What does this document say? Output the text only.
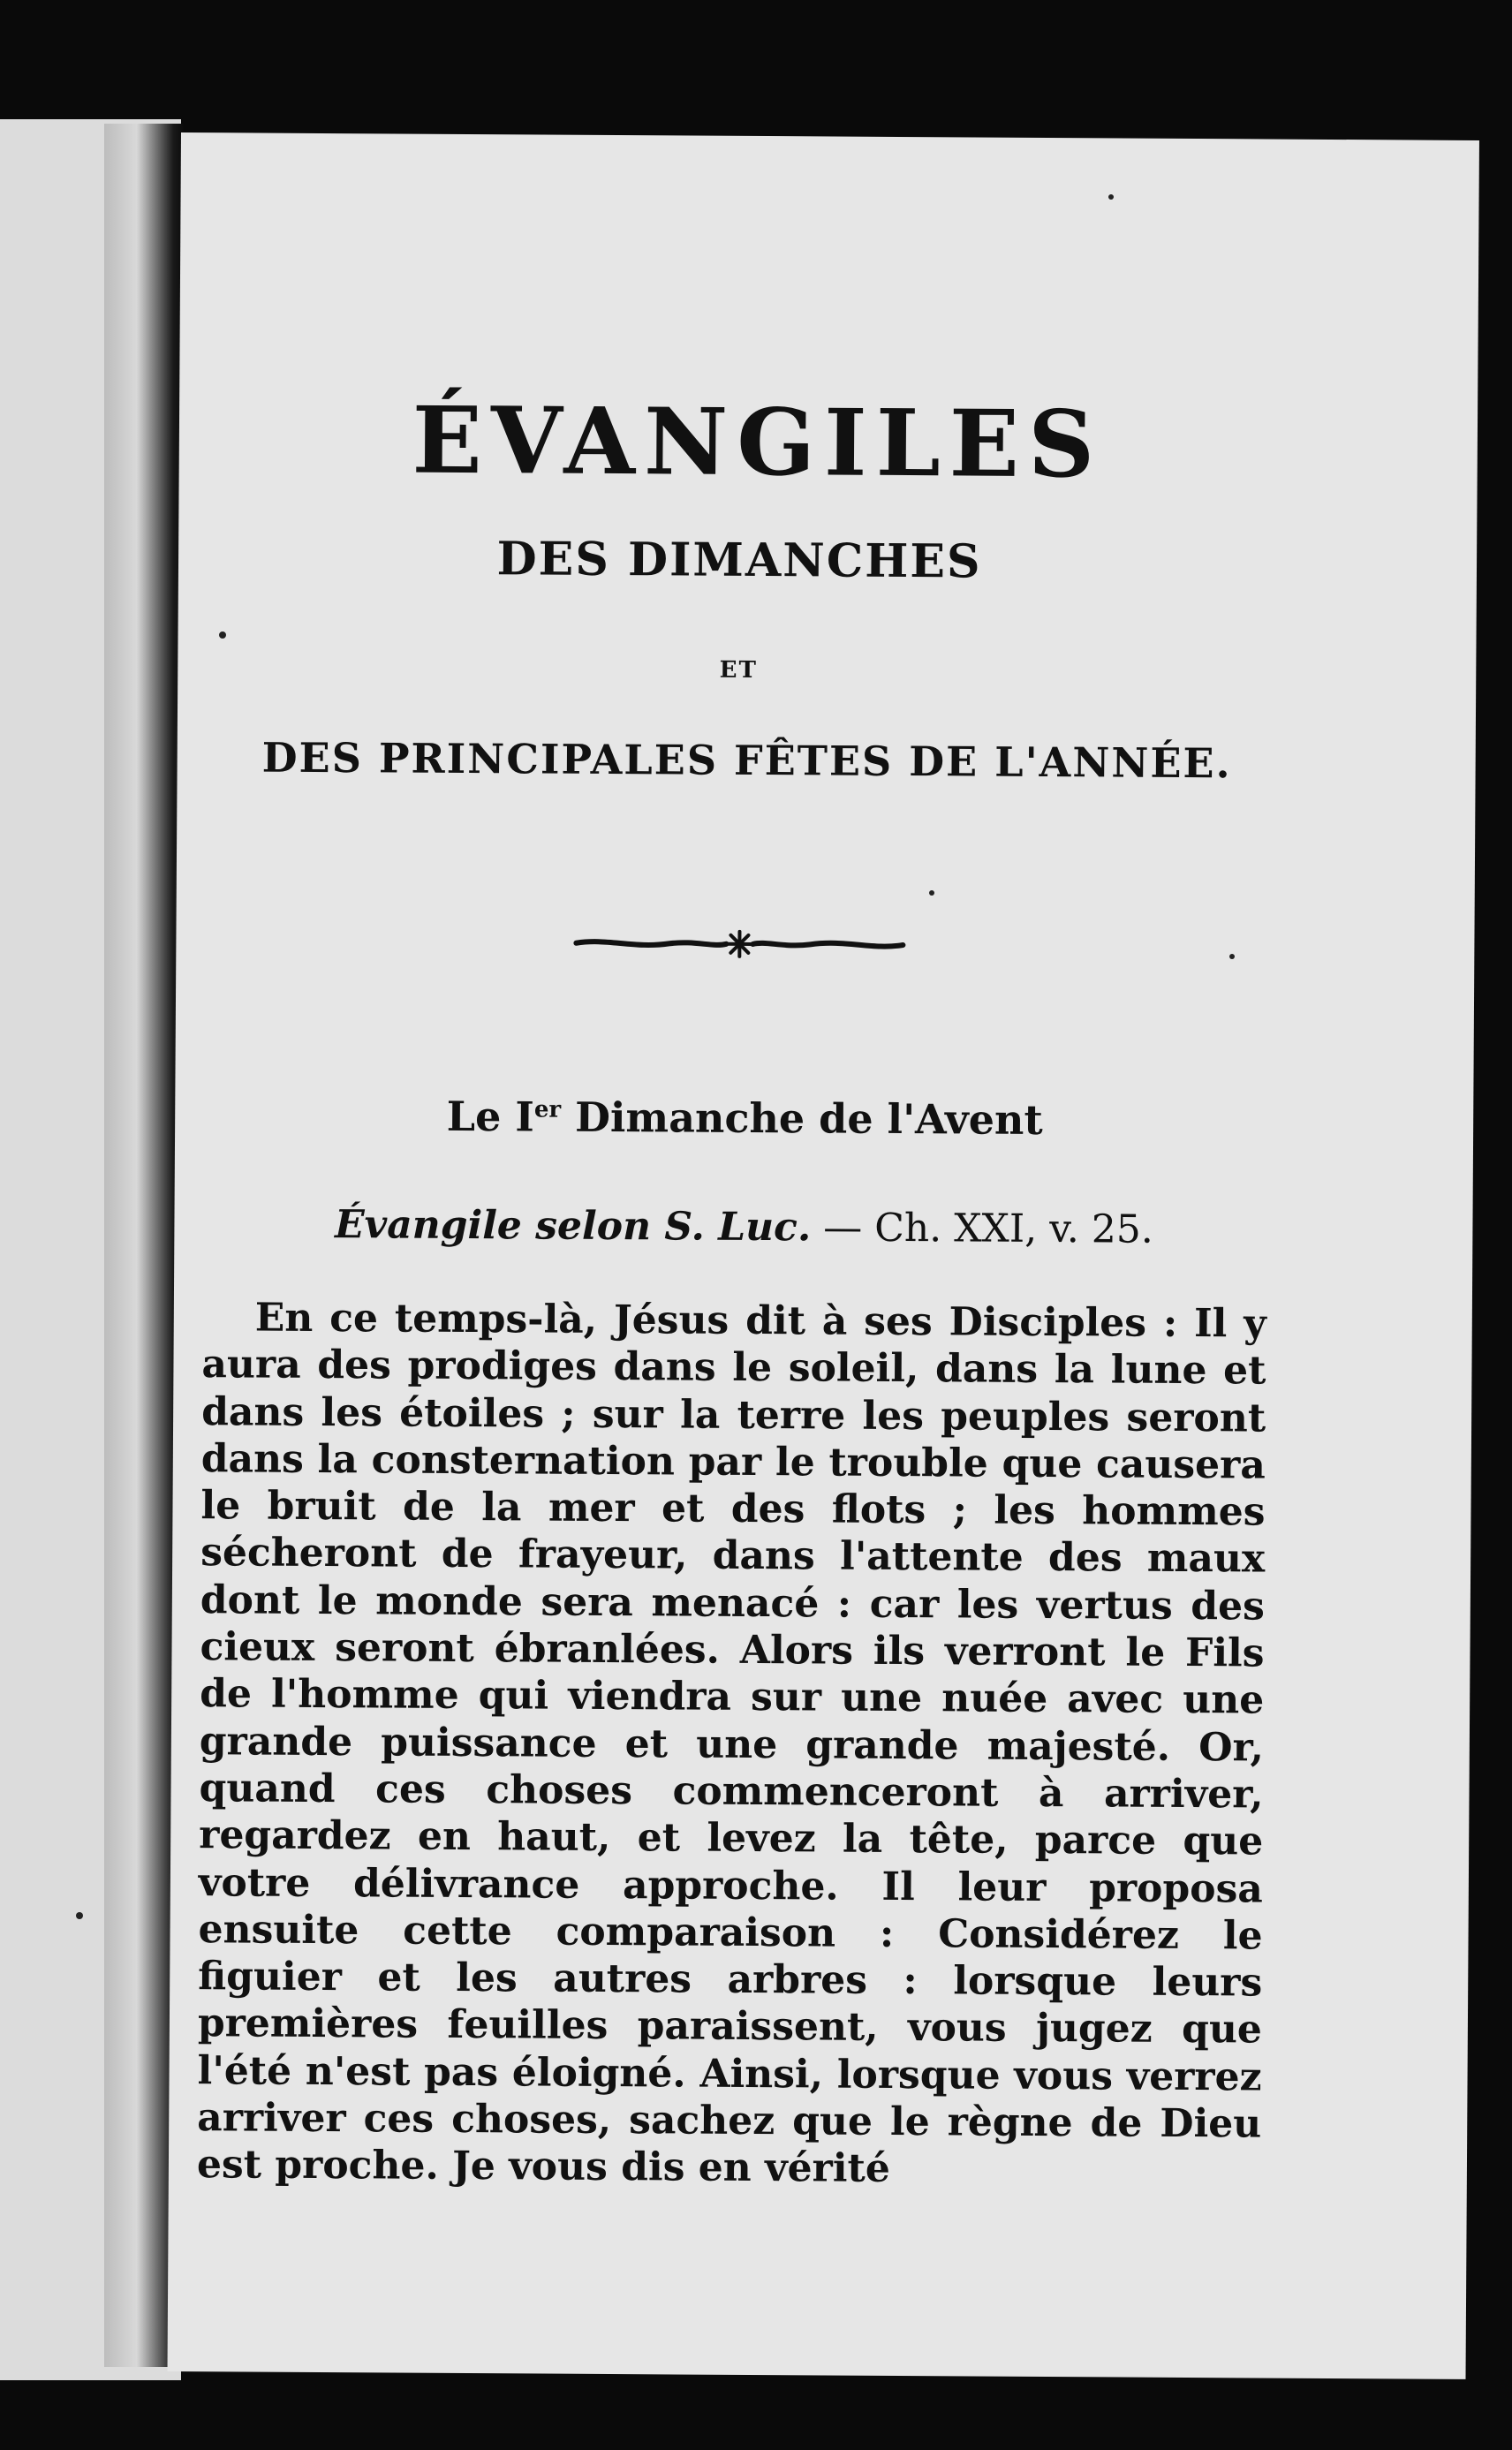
ÉVANGILES
DES DIMANCHES
ET
DES PRINCIPALES FÊTES DE L'ANNÉE.
Le Ier Dimanche de l'Avent
Évangile selon S. Luc. — Ch. XXI, v. 25.

En ce temps-là, Jésus dit à ses Disciples : Il y aura des prodiges dans le soleil, dans la lune et dans les étoiles ; sur la terre les peuples seront dans la consternation par le trouble que causera le bruit de la mer et des flots ; les hommes sécheront de frayeur, dans l'attente des maux dont le monde sera menacé : car les vertus des cieux seront ébranlées. Alors ils verront le Fils de l'homme qui viendra sur une nuée avec une grande puissance et une grande majesté. Or, quand ces choses commenceront à arriver, regardez en haut, et levez la tête, parce que votre délivrance approche. Il leur proposa ensuite cette comparaison : Considérez le figuier et les autres arbres : lorsque leurs premières feuilles paraissent, vous jugez que l'été n'est pas éloigné. Ainsi, lorsque vous verrez arriver ces choses, sachez que le règne de Dieu est proche. Je vous dis en vérité
